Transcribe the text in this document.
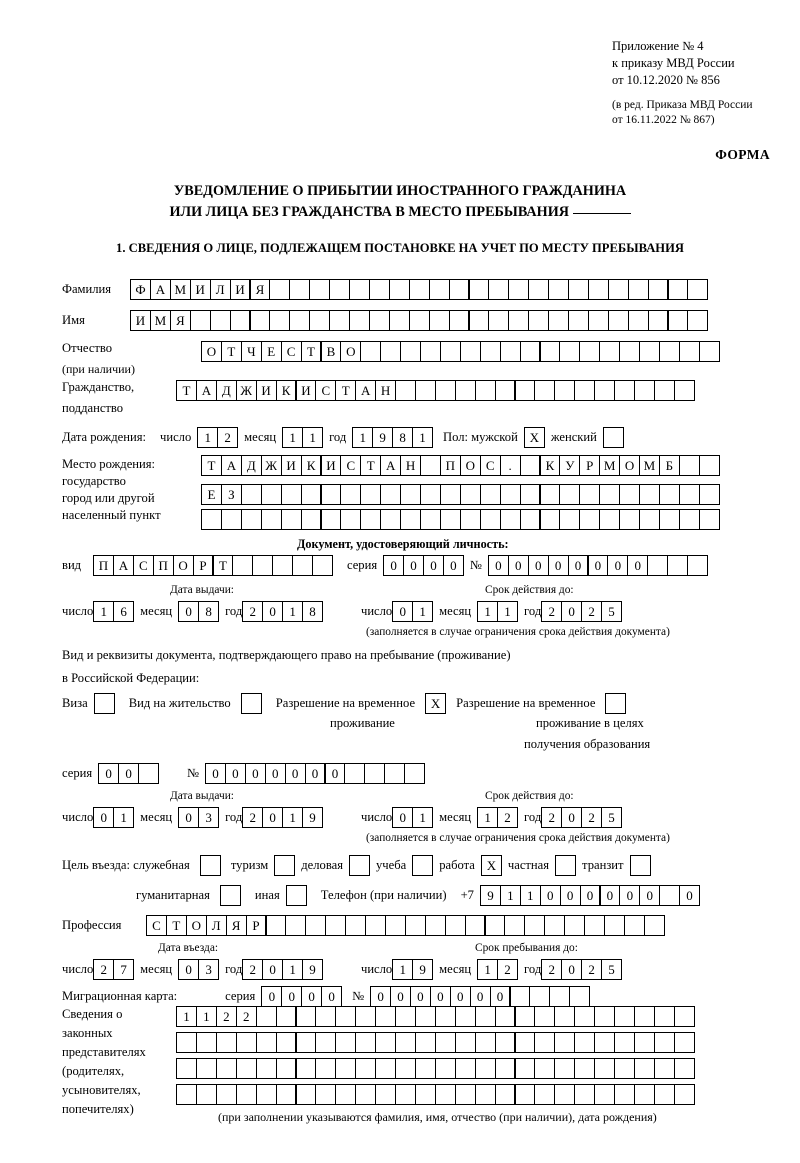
Приложение № 4
к приказу МВД России
от 10.12.2020 № 856
(в ред. Приказа МВД России
от 16.11.2022 № 867)
ФОРМА
УВЕДОМЛЕНИЕ О ПРИБЫТИИ ИНОСТРАННОГО ГРАЖДАНИНА
ИЛИ ЛИЦА БЕЗ ГРАЖДАНСТВА В МЕСТО ПРЕБЫВАНИЯ
1. СВЕДЕНИЯ О ЛИЦЕ, ПОДЛЕЖАЩЕМ ПОСТАНОВКЕ НА УЧЕТ ПО МЕСТУ ПРЕБЫВАНИЯ
Фамилия	Ф А М И Л И Я
Имя	И М Я
Отчество
(при наличии)
О Т Ч Е С Т В О
Гражданство,
подданство
Т А Д Ж И К И С Т А Н
Дата рождения: число	1	2	месяц	1	1	год	1	9	8	1	Пол: мужской X женский
Место рождения:
государство
город или другой
населенный пункт
Т А Д Ж И К И С Т А Н	П О С	.	К У Р М О М Б
Е З
Документ, удостоверяющий личность:
вид	П А С П О Р Т	серия	0	0	0	0	№	0	0	0	0	0	0	0	0
Дата выдачи:	Срок действия до:
число 1	6	месяц	0	8	год 2	0	1	8	число 0	1	месяц	1	1	год 2	0	2	5
(заполняется в случае ограничения срока действия документа)
Вид и реквизиты документа, подтверждающего право на пребывание (проживание)
в Российской Федерации:
Виза	Вид на жительство	Разрешение на временное	X	Разрешение на временное
проживание	проживание в целях
получения образования
серия	0	0	№	0	0	0	0	0	0	0
Дата выдачи:	Срок действия до:
число 0	1	месяц	0	3	год 2	0	1	9	число 0	1	месяц	1	2	год 2	0	2	5
(заполняется в случае ограничения срока действия документа)
Цель въезда: служебная	туризм	деловая	учеба	работа X частная	транзит
гуманитарная	иная	Телефон (при наличии) +7	9	1	1	0	0	0	0	0	0	0
Профессия	С Т О Л Я Р
Дата въезда:	Срок пребывания до:
число 2	7	месяц	0	3	год 2	0	1	9	число 1	9	месяц	1	2	год 2	0	2	5
Миграционная карта:	серия	0	0	0	0	№	0	0	0	0	0	0	0
Сведения о
законных
представителях
(родителях,
усыновителях,
попечителях)
1	1	2	2
(при заполнении указываются фамилия, имя, отчество (при наличии), дата рождения)
